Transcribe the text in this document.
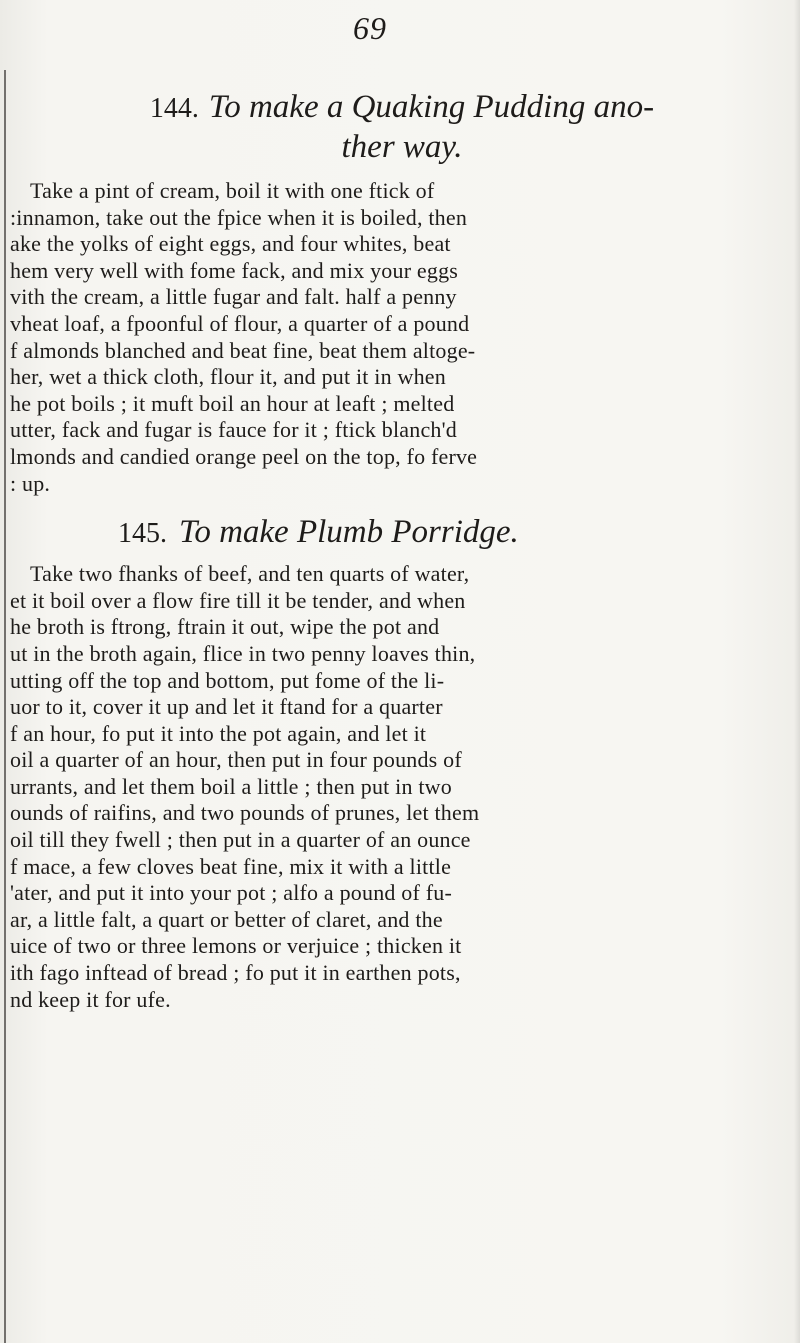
69
144. To make a Quaking Pudding ano-
ther way.
Take a pint of cream, boil it with one ftick of
:innamon, take out the fpice whеn it is boiled, then
ake the yolks of eight eggs, and four whites, beat
hem very well with fome fack, and mix your eggs
vith the cream, a little fugar and falt. half a penny
vheat loaf, a fpoonful of flour, a quarter of a pound
f almonds blanched and beat fine, beat them altoge-
her, wet a thick cloth, flour it, and put it in when
he pot boils ; it muft boil an hour at leaft ; melted
utter, fack and fugar is fauce for it ; ftick blanch'd
lmonds and candied orange peel on the top, fo ferve
: up.
145. To make Plumb Porridge.
Take two fhanks of beef, and ten quarts of water,
et it boil over a flow fire till it be tender, and when
he broth is ftrong, ftrain it out, wipe the pot and
ut in the broth again, flice in two penny loaves thin,
utting off the top and bottom, put fome of the li-
uor to it, cover it up and let it ftand for a quarter
f an hour, fo put it into the pot again, and let it
oil a quarter of an hour, then put in four pounds of
urrants, and let them boil a little ; then put in two
ounds of raifins, and two pounds of prunes, let them
oil till they fwell ; then put in a quarter of an ounce
f mace, a few cloves beat fine, mix it with a little
'ater, and put it into your pot ; alfo a pound of fu-
ar, a little falt, a quart or better of claret, and the
uice of two or three lemons or verjuice ; thicken it
ith fago inftead of bread ; fo put it in earthen pots,
nd keep it for ufe.
